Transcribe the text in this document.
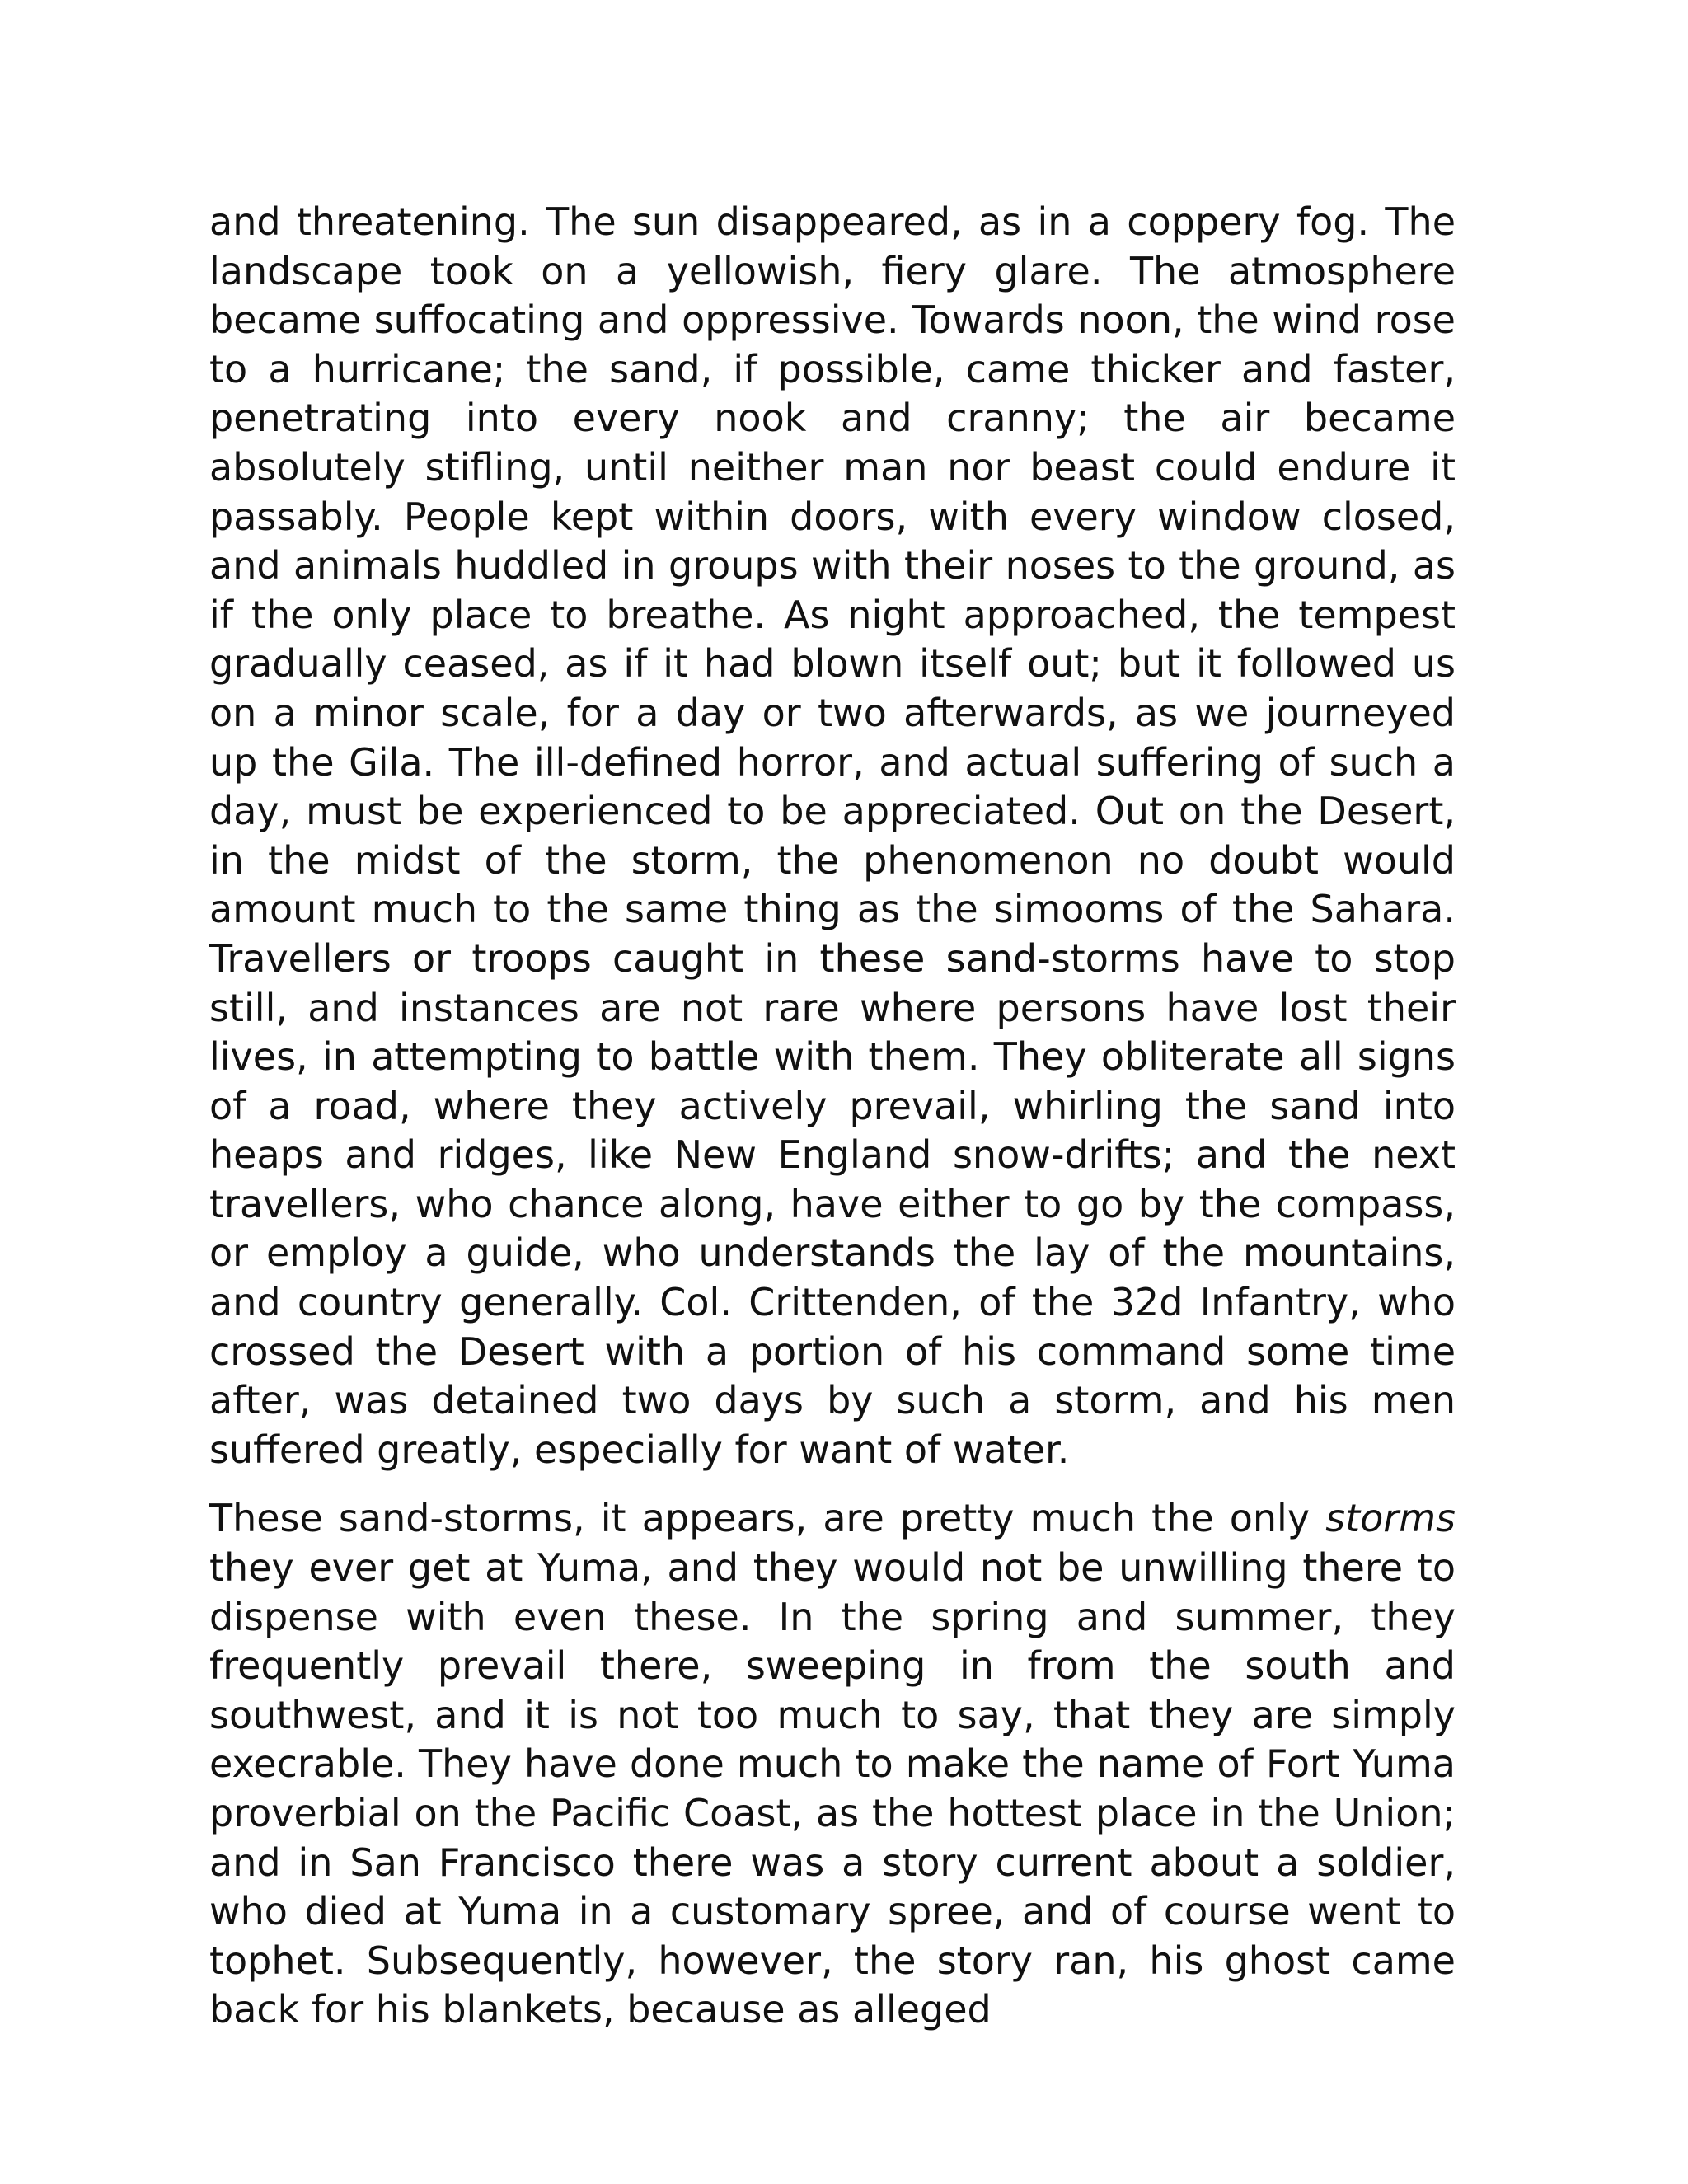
and threatening. The sun disappeared, as in a coppery fog. The landscape took on a yellowish, fiery glare. The atmosphere became suffocating and oppressive. Towards noon, the wind rose to a hurricane; the sand, if possible, came thicker and faster, penetrating into every nook and cranny; the air became absolutely stifling, until neither man nor beast could endure it passably. People kept within doors, with every window closed, and animals huddled in groups with their noses to the ground, as if the only place to breathe. As night approached, the tempest gradually ceased, as if it had blown itself out; but it followed us on a minor scale, for a day or two afterwards, as we journeyed up the Gila. The ill-defined horror, and actual suffering of such a day, must be experienced to be appreciated. Out on the Desert, in the midst of the storm, the phenomenon no doubt would amount much to the same thing as the simooms of the Sahara. Travellers or troops caught in these sand-storms have to stop still, and instances are not rare where persons have lost their lives, in attempting to battle with them. They obliterate all signs of a road, where they actively prevail, whirling the sand into heaps and ridges, like New England snow-drifts; and the next travellers, who chance along, have either to go by the compass, or employ a guide, who understands the lay of the mountains, and country generally. Col. Crittenden, of the 32d Infantry, who crossed the Desert with a portion of his command some time after, was detained two days by such a storm, and his men suffered greatly, especially for want of water.

These sand-storms, it appears, are pretty much the only storms they ever get at Yuma, and they would not be unwilling there to dispense with even these. In the spring and summer, they frequently prevail there, sweeping in from the south and southwest, and it is not too much to say, that they are simply execrable. They have done much to make the name of Fort Yuma proverbial on the Pacific Coast, as the hottest place in the Union; and in San Francisco there was a story current about a soldier, who died at Yuma in a customary spree, and of course went to tophet. Subsequently, however, the story ran, his ghost came back for his blankets, because as alleged
